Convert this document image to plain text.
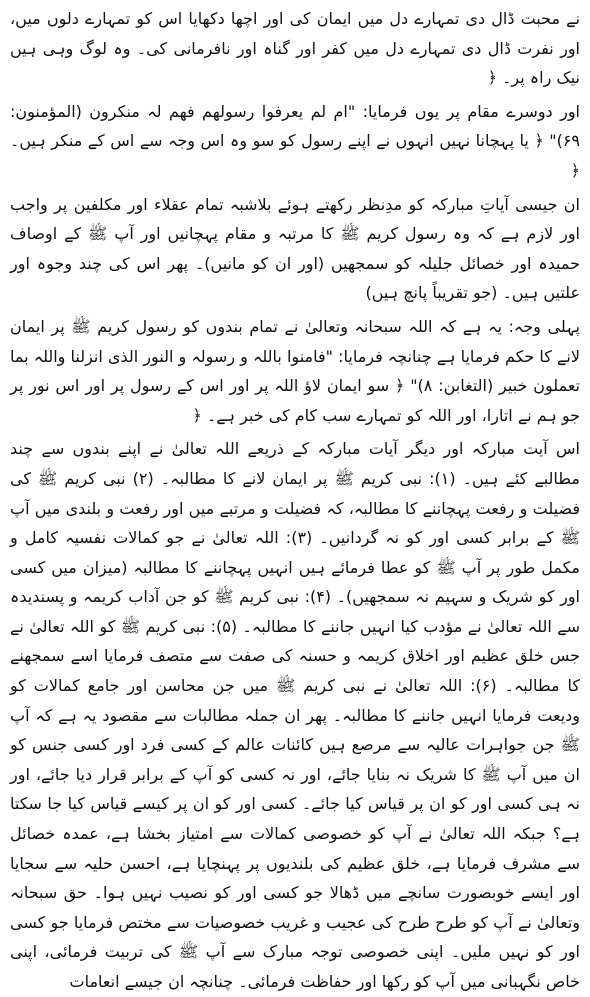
نے محبت ڈال دی تمہارے دل میں ایمان کی اور اچھا دکھایا اس کو تمہارے دلوں میں، اور نفرت ڈال دی تمہارے دل میں کفر اور گناہ اور نافرمانی کی۔ وہ لوگ وہی ہیں نیک راہ پر۔ ﴿

اور دوسرے مقام پر یوں فرمایا: "ام لم یعرفوا رسولھم فھم لہ منکرون (المؤمنون: ۶۹)" ﴿ یا پہچانا نہیں انہوں نے اپنے رسول کو سو وہ اس وجہ سے اس کے منکر ہیں۔ ﴿

ان جیسی آیاتِ مبارکہ کو مدِنظر رکھتے ہوئے بلاشبہ تمام عقلاء اور مکلفین پر واجب اور لازم ہے کہ وہ رسول کریم ﷺ کا مرتبہ و مقام پہچانیں اور آپ ﷺ کے اوصاف حمیدہ اور خصائل جلیلہ کو سمجھیں (اور ان کو مانیں)۔ پھر اس کی چند وجوہ اور علتیں ہیں۔ (جو تقریباً پانچ ہیں)

پہلی وجہ: یہ ہے کہ اللہ سبحانہ وتعالیٰ نے تمام بندوں کو رسول کریم ﷺ پر ایمان لانے کا حکم فرمایا ہے چنانچہ فرمایا: "فامنوا باللہ و رسولہ و النور الذی انزلنا واللہ بما تعملون خبیر (التغابن: ۸)" ﴿ سو ایمان لاؤ اللہ پر اور اس کے رسول پر اور اس نور پر جو ہم نے اتارا، اور اللہ کو تمہارے سب کام کی خبر ہے۔ ﴿

اس آیت مبارکہ اور دیگر آیات مبارکہ کے ذریعے اللہ تعالیٰ نے اپنے بندوں سے چند مطالبے کئے ہیں۔ (۱): نبی کریم ﷺ پر ایمان لانے کا مطالبہ۔ (۲) نبی کریم ﷺ کی فضیلت و رفعت پہچاننے کا مطالبہ، کہ فضیلت و مرتبے میں اور رفعت و بلندی میں آپ ﷺ کے برابر کسی اور کو نہ گردانیں۔ (۳): اللہ تعالیٰ نے جو کمالات نفسیہ کامل و مکمل طور پر آپ ﷺ کو عطا فرمائے ہیں انہیں پہچاننے کا مطالبہ (میزان میں کسی اور کو شریک و سہیم نہ سمجھیں)۔ (۴): نبی کریم ﷺ کو جن آداب کریمہ و پسندیدہ سے اللہ تعالیٰ نے مؤدب کیا انہیں جاننے کا مطالبہ۔ (۵): نبی کریم ﷺ کو اللہ تعالیٰ نے جس خلق عظیم اور اخلاق کریمہ و حسنہ کی صفت سے متصف فرمایا اسے سمجھنے کا مطالبہ۔ (۶): اللہ تعالیٰ نے نبی کریم ﷺ میں جن محاسن اور جامع کمالات کو ودیعت فرمایا انہیں جاننے کا مطالبہ۔ پھر ان جملہ مطالبات سے مقصود یہ ہے کہ آپ ﷺ جن جواہرات عالیہ سے مرصع ہیں کائنات عالم کے کسی فرد اور کسی جنس کو ان میں آپ ﷺ کا شریک نہ بنایا جائے، اور نہ کسی کو آپ کے برابر قرار دیا جائے، اور نہ ہی کسی اور کو ان پر قیاس کیا جائے۔ کسی اور کو ان پر کیسے قیاس کیا جا سکتا ہے؟ جبکہ اللہ تعالیٰ نے آپ کو خصوصی کمالات سے امتیاز بخشا ہے، عمدہ خصائل سے مشرف فرمایا ہے، خلق عظیم کی بلندیوں پر پہنچایا ہے، احسن حلیہ سے سجایا اور ایسے خوبصورت سانچے میں ڈھالا جو کسی اور کو نصیب نہیں ہوا۔ حق سبحانہ وتعالیٰ نے آپ کو طرح طرح کی عجیب و غریب خصوصیات سے مختص فرمایا جو کسی اور کو نہیں ملیں۔ اپنی خصوصی توجہ مبارک سے آپ ﷺ کی تربیت فرمائی، اپنی خاص نگہبانی میں آپ کو رکھا اور حفاظت فرمائی۔ چنانچہ ان جیسے انعامات
